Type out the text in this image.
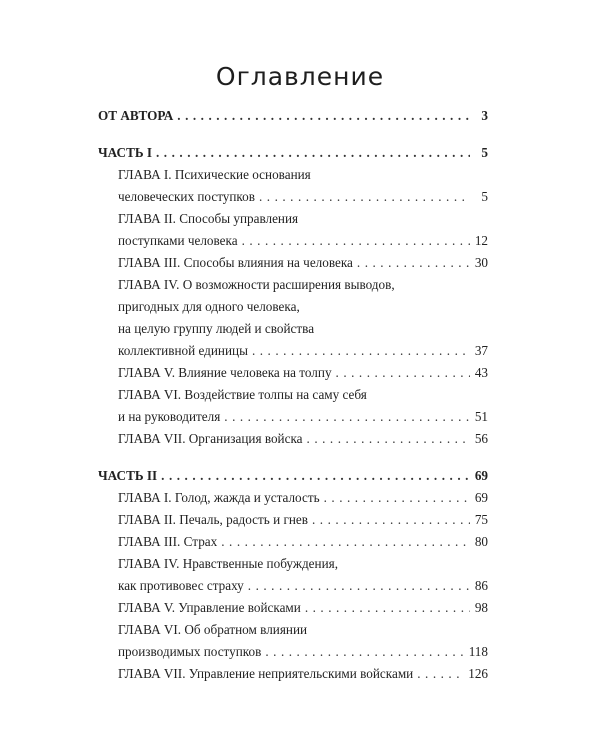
Оглавление
ОТ АВТОРА . . .	3
ЧАСТЬ I . . .	5
ГЛАВА I. Психические основания
человеческих поступков . . .	5
ГЛАВА II. Способы управления
поступками человека . . .	12
ГЛАВА III. Способы влияния на человека . . .	30
ГЛАВА IV. О возможности расширения выводов,
пригодных для одного человека,
на целую группу людей и свойства
коллективной единицы . . .	37
ГЛАВА V. Влияние человека на толпу . . .	43
ГЛАВА VI. Воздействие толпы на саму себя
и на руководителя . . .	51
ГЛАВА VII. Организация войска . . .	56
ЧАСТЬ II . . .	69
ГЛАВА I. Голод, жажда и усталость . . .	69
ГЛАВА II. Печаль, радость и гнев . . .	75
ГЛАВА III. Страх . . .	80
ГЛАВА IV. Нравственные побуждения,
как противовес страху . . .	86
ГЛАВА V. Управление войсками . . .	98
ГЛАВА VI. Об обратном влиянии
производимых поступков . . .	118
ГЛАВА VII. Управление неприятельскими войсками . . .	126
